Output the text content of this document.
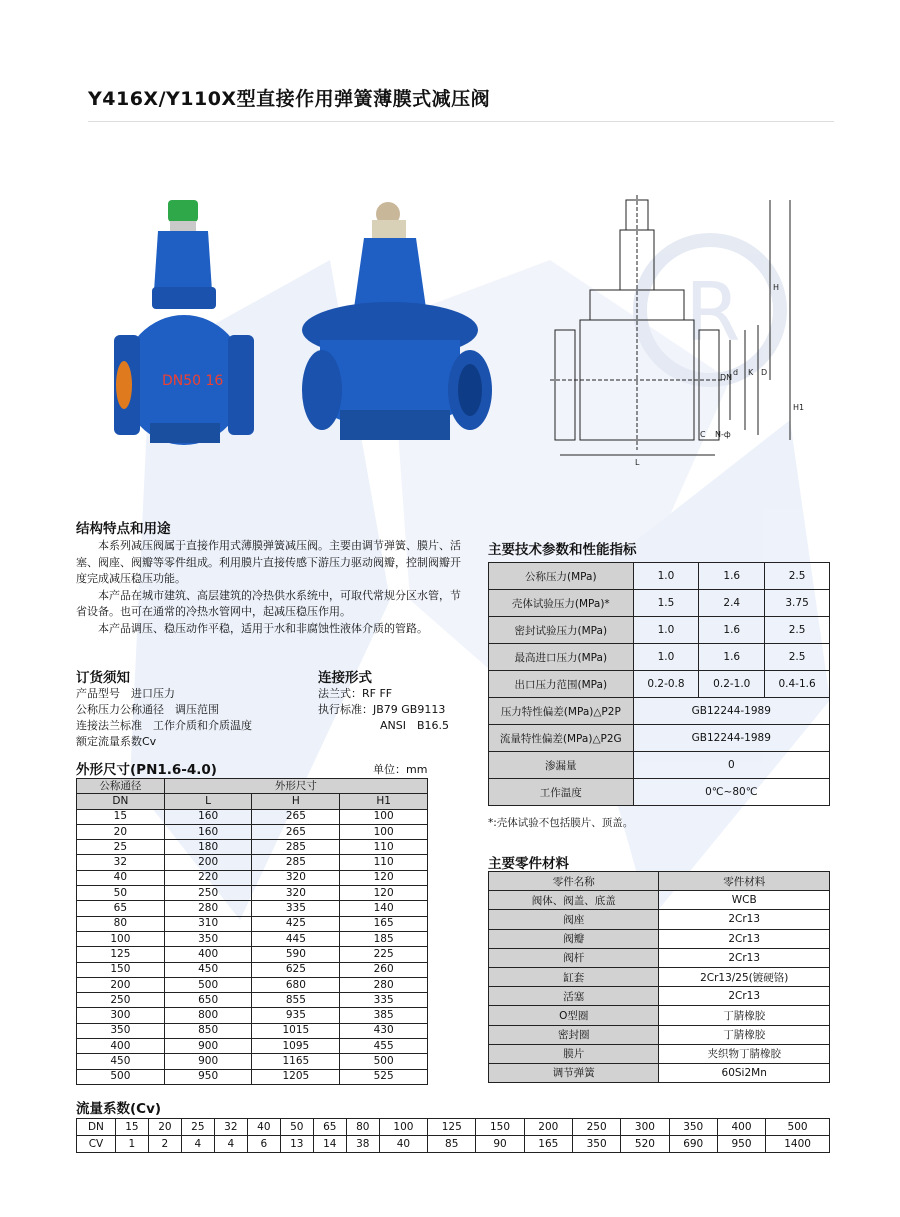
R
Y416X/Y110X型直接作用弹簧薄膜式减压阀
DN50 16
H
H1
DN
d K D
L
C N-ф
结构特点和用途

本系列减压阀属于直接作用式薄膜弹簧减压阀。主要由调节弹簧、膜片、活塞、阀座、阀瓣等零件组成。利用膜片直接传感下游压力驱动阀瓣，控制阀瓣开度完成减压稳压功能。

本产品在城市建筑、高层建筑的冷热供水系统中，可取代常规分区水管，节省设备。也可在通常的冷热水管网中，起减压稳压作用。

本产品调压、稳压动作平稳，适用于水和非腐蚀性液体介质的管路。

订货须知
产品型号　进口压力
公称压力公称通径　调压范围
连接法兰标准　工作介质和介质温度
额定流量系数Cv
连接形式
法兰式：RF FF
执行标准：JB79 GB9113
ANSI　B16.5
外形尺寸(PN1.6-4.0)	单位：mm
公称通径	外形尺寸		
DN	L	H	H1
15	160	265	100
20	160	265	100
25	180	285	110
32	200	285	110
40	220	320	120
50	250	320	120
65	280	335	140
80	310	425	165
100	350	445	185
125	400	590	225
150	450	625	260
200	500	680	280
250	650	855	335
300	800	935	385
350	850	1015	430
400	900	1095	455
450	900	1165	500
500	950	1205	525
主要技术参数和性能指标
公称压力(MPa)	1.0	1.6	2.5
壳体试验压力(MPa)*	1.5	2.4	3.75
密封试验压力(MPa)	1.0	1.6	2.5
最高进口压力(MPa)	1.0	1.6	2.5
出口压力范围(MPa)	0.2-0.8	0.2-1.0	0.4-1.6
压力特性偏差(MPa)△P2P	GB12244-1989		
流量特性偏差(MPa)△P2G	GB12244-1989		
渗漏量	0		
工作温度	0℃~80℃		
*:壳体试验不包括膜片、顶盖。
主要零件材料
零件名称	零件材料
阀体、阀盖、底盖	WCB
阀座	2Cr13
阀瓣	2Cr13
阀杆	2Cr13
缸套	2Cr13/25(镀硬铬)
活塞	2Cr13
O型圈	丁腈橡胶
密封圈	丁腈橡胶
膜片	夹织物丁腈橡胶
调节弹簧	60Si2Mn
流量系数(Cv)
DN	15	20	25	32	40	50	65	80	100	125	150	200	250	300	350	400	500
CV	1	2	4	4	6	13	14	38	40	85	90	165	350	520	690	950	1400
